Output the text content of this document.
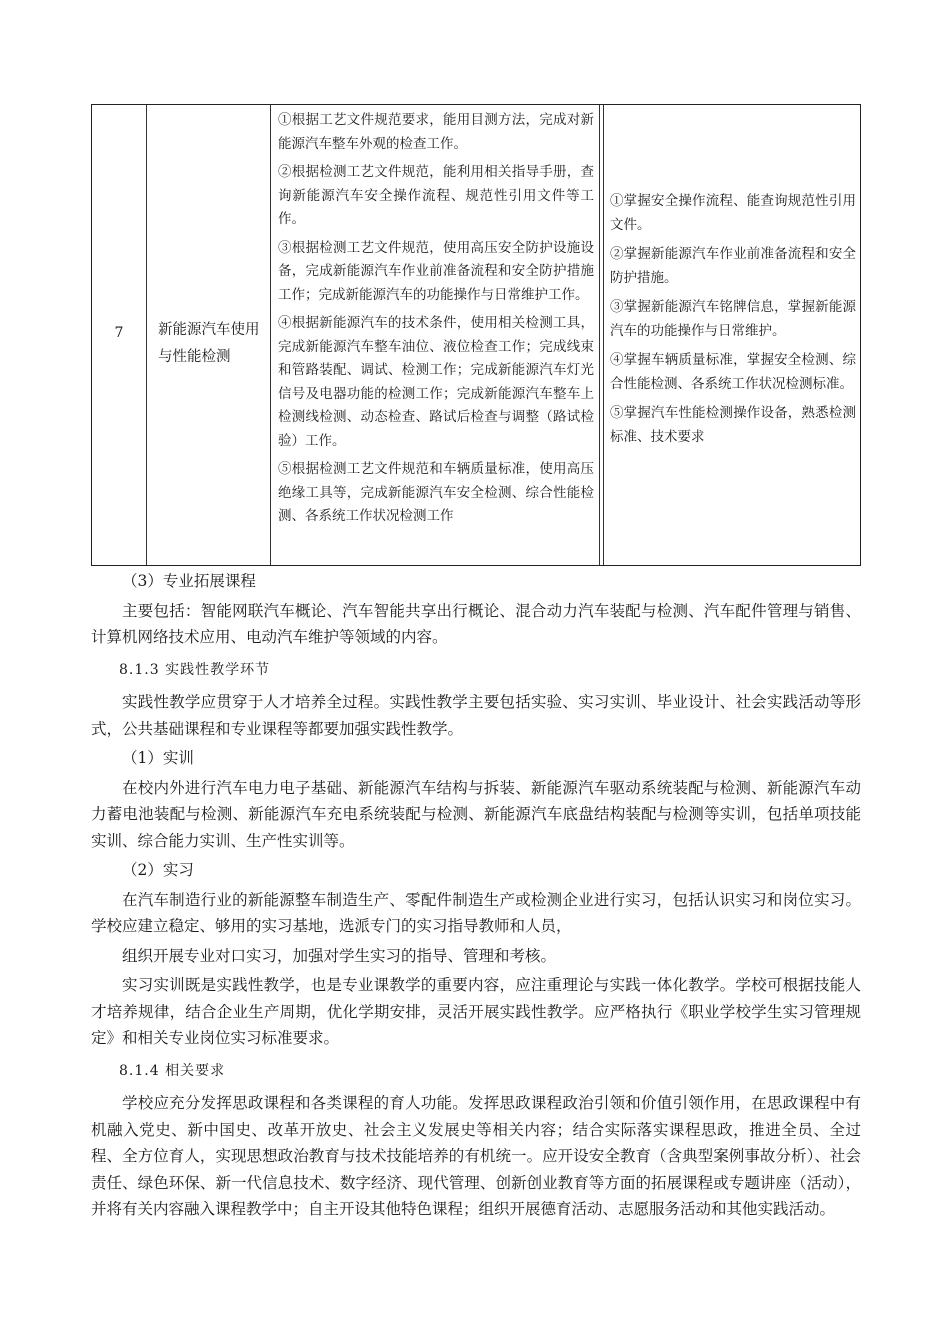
7	新能源汽车使用与性能检测

①根据工艺文件规范要求，能用目测方法，完成对新能源汽车整车外观的检查工作。

②根据检测工艺文件规范，能利用相关指导手册，查询新能源汽车安全操作流程、规范性引用文件等工作。

③根据检测工艺文件规范，使用高压安全防护设施设备，完成新能源汽车作业前准备流程和安全防护措施工作；完成新能源汽车的功能操作与日常维护工作。

④根据新能源汽车的技术条件，使用相关检测工具，完成新能源汽车整车油位、液位检查工作；完成线束和管路装配、调试、检测工作；完成新能源汽车灯光信号及电器功能的检测工作；完成新能源汽车整车上检测线检测、动态检查、路试后检查与调整（路试检验）工作。

⑤根据检测工艺文件规范和车辆质量标准，使用高压绝缘工具等，完成新能源汽车安全检测、综合性能检测、各系统工作状况检测工作

①掌握安全操作流程、能查询规范性引用文件。

②掌握新能源汽车作业前准备流程和安全防护措施。

③掌握新能源汽车铭牌信息，掌握新能源汽车的功能操作与日常维护。

④掌握车辆质量标准，掌握安全检测、综合性能检测、各系统工作状况检测标准。

⑤掌握汽车性能检测操作设备，熟悉检测标准、技术要求

（3）专业拓展课程

主要包括：智能网联汽车概论、汽车智能共享出行概论、混合动力汽车装配与检测、汽车配件管理与销售、计算机网络技术应用、电动汽车维护等领域的内容。

8.1.3 实践性教学环节

实践性教学应贯穿于人才培养全过程。实践性教学主要包括实验、实习实训、毕业设计、社会实践活动等形式，公共基础课程和专业课程等都要加强实践性教学。

（1）实训

在校内外进行汽车电力电子基础、新能源汽车结构与拆装、新能源汽车驱动系统装配与检测、新能源汽车动力蓄电池装配与检测、新能源汽车充电系统装配与检测、新能源汽车底盘结构装配与检测等实训，包括单项技能实训、综合能力实训、生产性实训等。

（2）实习

在汽车制造行业的新能源整车制造生产、零配件制造生产或检测企业进行实习，包括认识实习和岗位实习。学校应建立稳定、够用的实习基地，选派专门的实习指导教师和人员，

组织开展专业对口实习，加强对学生实习的指导、管理和考核。

实习实训既是实践性教学，也是专业课教学的重要内容，应注重理论与实践一体化教学。学校可根据技能人才培养规律，结合企业生产周期，优化学期安排，灵活开展实践性教学。应严格执行《职业学校学生实习管理规定》和相关专业岗位实习标准要求。

8.1.4 相关要求

学校应充分发挥思政课程和各类课程的育人功能。发挥思政课程政治引领和价值引领作用，在思政课程中有机融入党史、新中国史、改革开放史、社会主义发展史等相关内容；结合实际落实课程思政，推进全员、全过程、全方位育人，实现思想政治教育与技术技能培养的有机统一。应开设安全教育（含典型案例事故分析）、社会责任、绿色环保、新一代信息技术、数字经济、现代管理、创新创业教育等方面的拓展课程或专题讲座（活动），并将有关内容融入课程教学中；自主开设其他特色课程；组织开展德育活动、志愿服务活动和其他实践活动。
